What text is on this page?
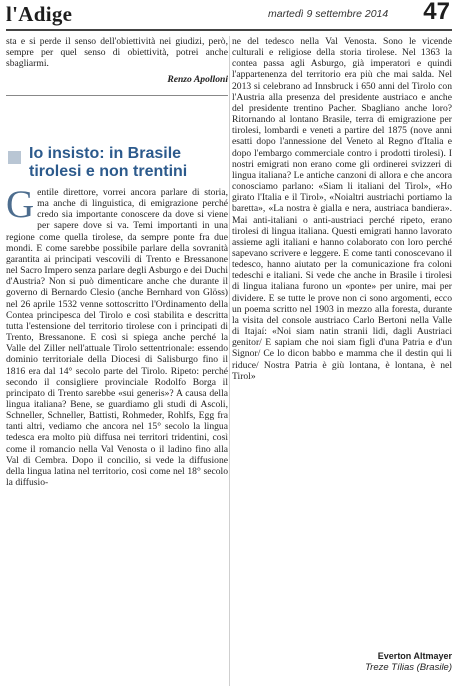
l'Adige	martedì 9 settembre 2014 47

sta e si perde il senso dell'obiettività nei giudizi, però, sempre per quel senso di obiettività, potrei anche sbagliarmi.

Renzo Apolloni
Io insisto: in Brasile tirolesi e non trentini
Gentile direttore, vorrei ancora parlare di storia, ma anche di linguistica, di emigrazione perché credo sia importante conoscere da dove si viene per sapere dove si va. Temi importanti in una regione come quella tirolese, da sempre ponte fra due mondi. E come sarebbe possibile parlare della sovranità garantita ai principati vescovili di Trento e Bressanone nel Sacro Impero senza parlare degli Asburgo e dei Duchi d'Austria? Non si può dimenticare anche che durante il governo di Bernardo Clesio (anche Bernhard von Glöss) nel 26 aprile 1532 venne sottoscritto l'Ordinamento della Contea principesca del Tirolo e così stabilita e descritta tutta l'estensione del territorio tirolese con i principati di Trento, Bressanone. E così si spiega anche perché la Valle del Ziller nell'attuale Tirolo settentrionale: essendo dominio territoriale della Diocesi di Salisburgo fino il 1816 era dal 14° secolo parte del Tirolo. Ripeto: perché secondo il consigliere provinciale Rodolfo Borga il principato di Trento sarebbe «sui generis»? A causa della lingua italiana? Bene, se guardiamo gli studi di Ascoli, Schneller, Schneller, Battisti, Rohmeder, Rohlfs, Egg fra tanti altri, vediamo che ancora nel 15° secolo la lingua tedesca era molto più diffusa nei territori tridentini, così come il romancio nella Val Venosta o il ladino fino alla Val di Cembra. Dopo il concilio, si vede la diffusione della lingua latina nel territorio, così come nel 18° secolo la diffusio-

ne del tedesco nella Val Venosta. Sono le vicende culturali e religiose della storia tirolese. Nel 1363 la contea passa agli Asburgo, già imperatori e quindi l'appartenenza del territorio era più che mai salda. Nel 2013 si celebrano ad Innsbruck i 650 anni del Tirolo con l'Austria alla presenza del presidente austriaco e anche del presidente trentino Pacher. Sbagliano anche loro? Ritornando al lontano Brasile, terra di emigrazione per tirolesi, lombardi e veneti a partire del 1875 (nove anni esatti dopo l'annessione del Veneto al Regno d'Italia e dopo l'embargo commerciale contro i prodotti tirolesi). I nostri emigrati non erano come gli ordinerei svizzeri di lingua italiana? Le antiche canzoni di allora e che ancora conosciamo parlano: «Siam li italiani del Tirol», «Ho girato l'Italia e il Tirol», «Noialtri austriachi portiamo la baretta», «La nostra è gialla e nera, austriaca bandiera». Mai anti-italiani o anti-austriaci perché ripeto, erano tirolesi di lingua italiana. Questi emigrati hanno lavorato assieme agli italiani e hanno colaborato con loro perché sapevano scrivere e leggere. E come tanti conoscevano il tedesco, hanno aiutato per la comunicazione fra coloni tedeschi e italiani. Si vede che anche in Brasile i tirolesi di lingua italiana furono un «ponte» per unire, mai per dividere. E se tutte le prove non ci sono argomenti, ecco un poema scritto nel 1903 in mezzo alla foresta, durante la visita del console austriaco Carlo Bertoni nella Valle di Itajaí: «Noi siam natin stranii lidi, dagli Austriaci genitor/ E sapiam che noi siam figli d'una Patria e d'un Signor/ Ce lo dicon babbo e mamma che il destin qui li riduce/ Nostra Patria è giù lontana, è lontana, è nel Tirol»

Everton Altmayer
Treze Tílias (Brasile)
